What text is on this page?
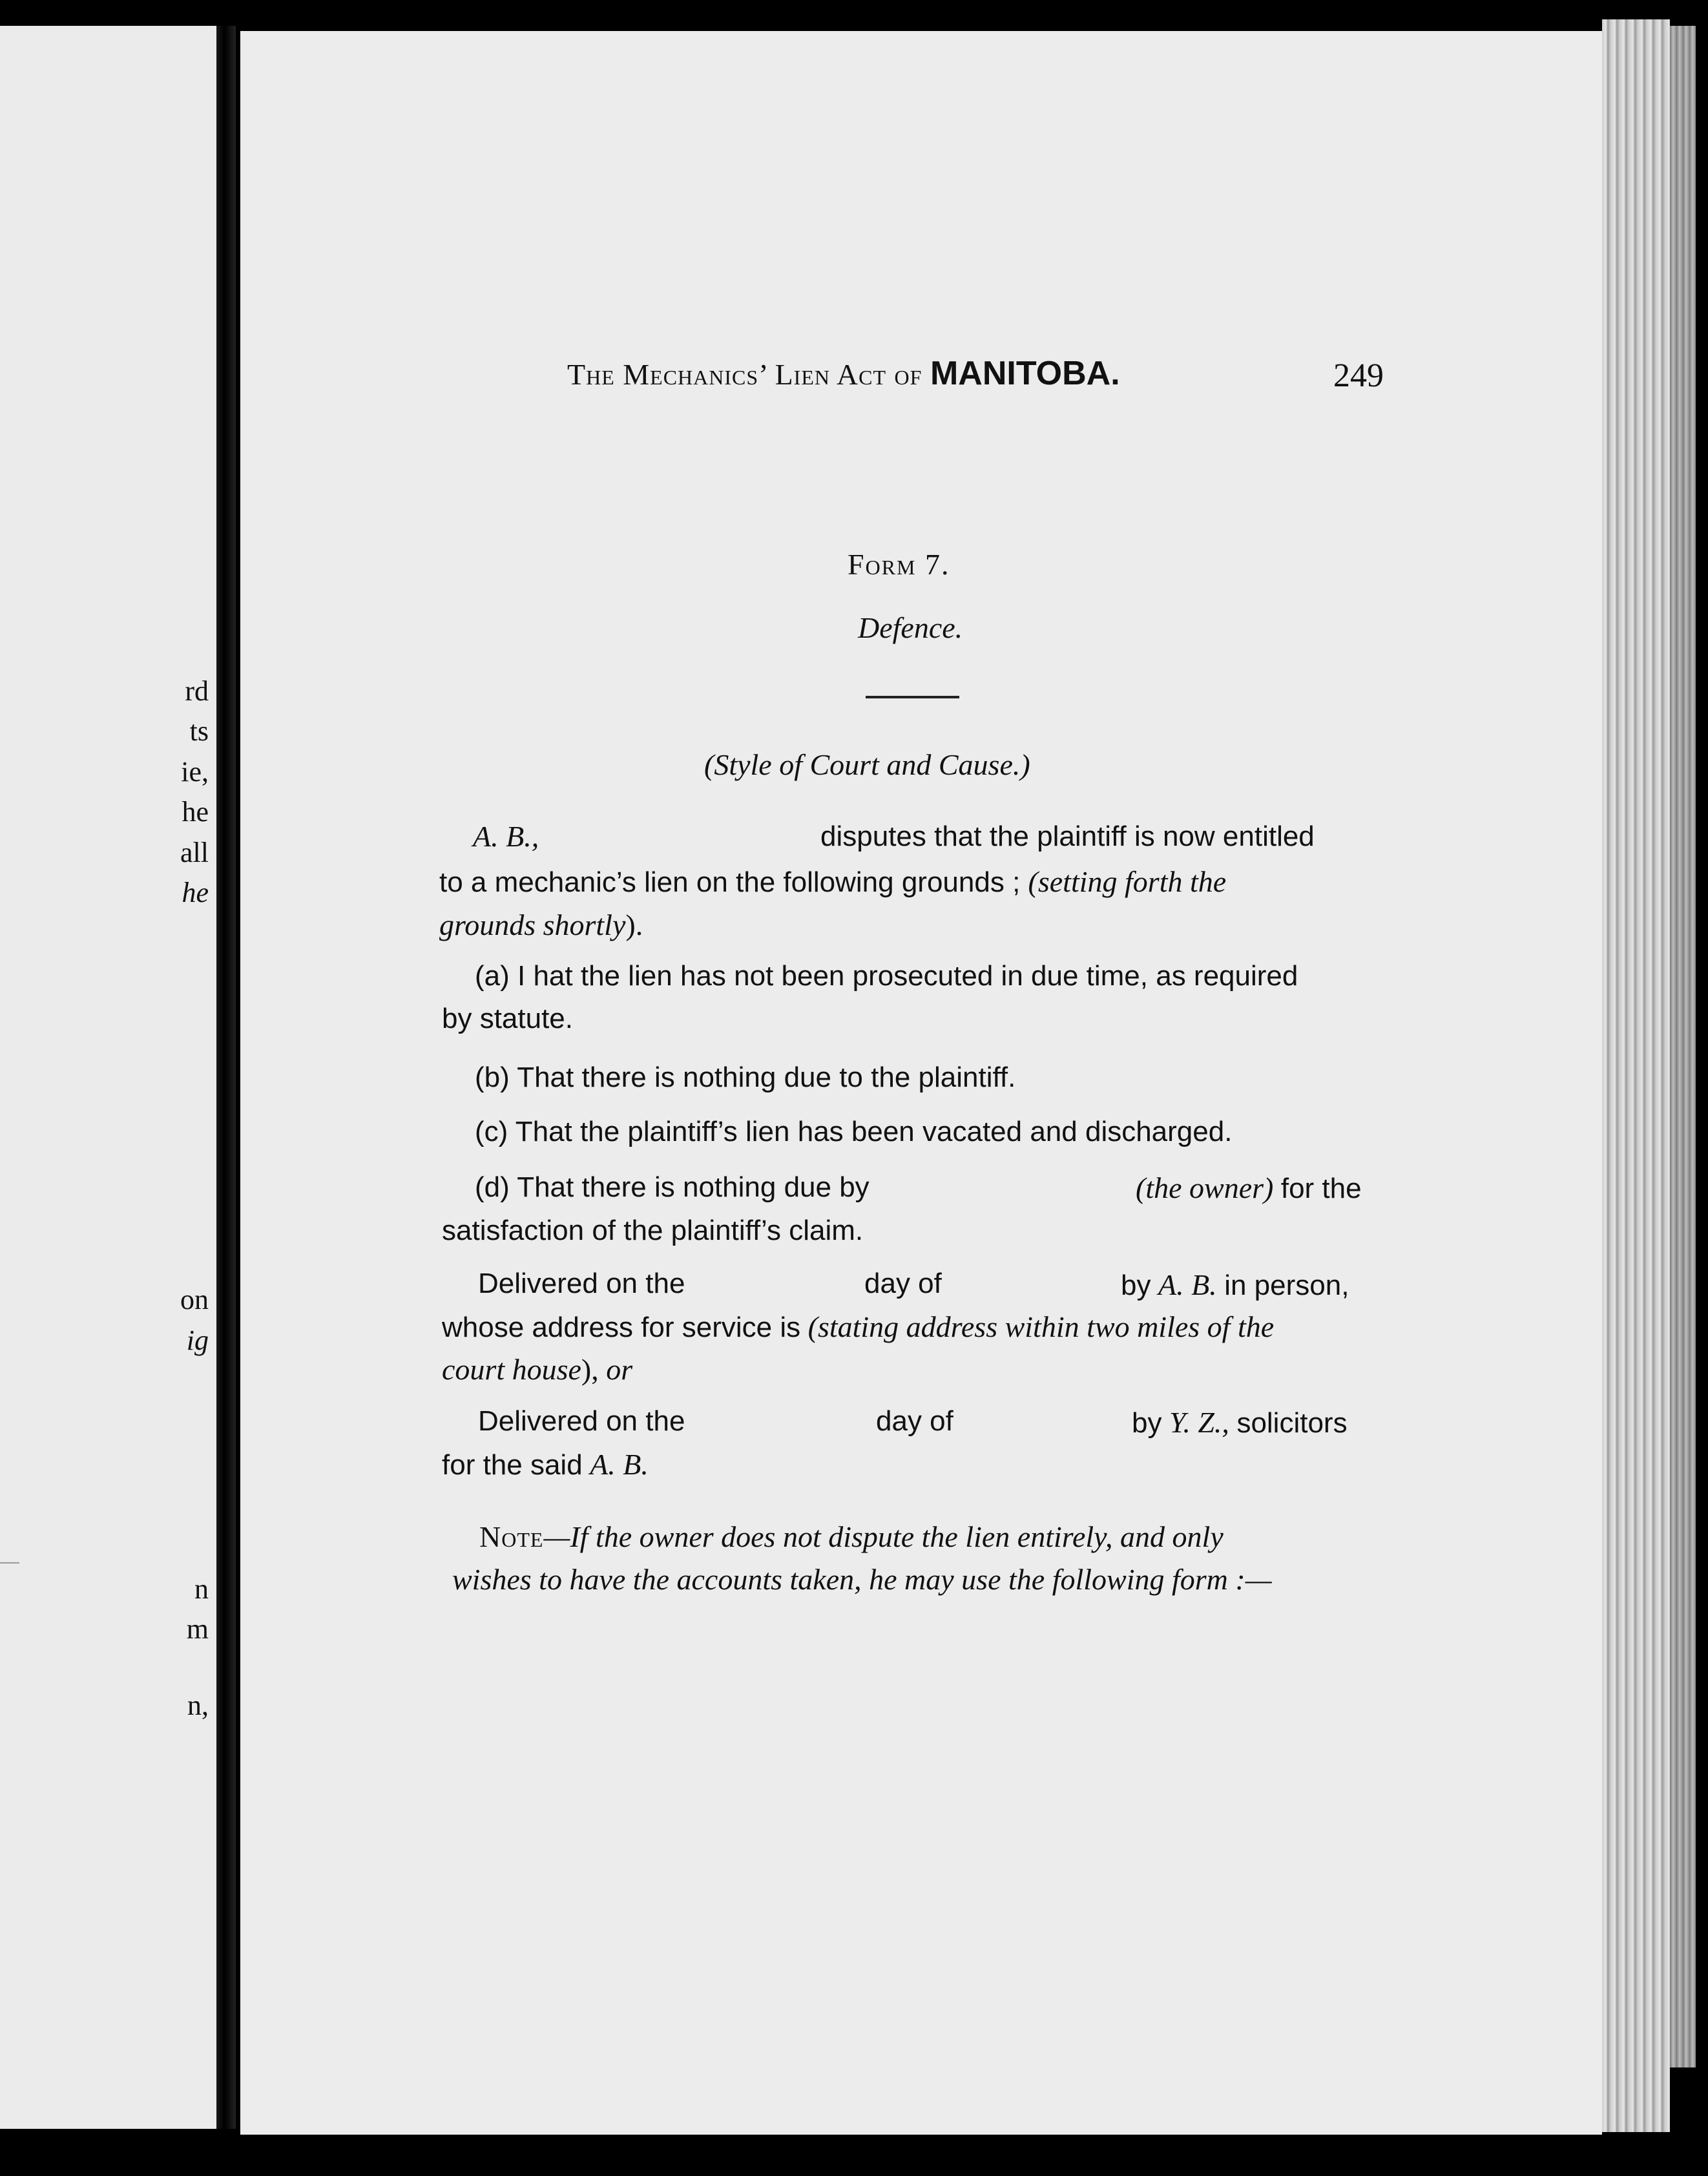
rd
ts
ie,
he
all
he
on
ig
n
m
n,
The Mechanics’ Lien Act of MANITOBA.	249
Form 7.
Defence.
(Style of Court and Cause.)
A. B.,	disputes that the plaintiff is now entitled
to a mechanic’s lien on the following grounds ; (setting forth the
grounds shortly).
(a) I hat the lien has not been prosecuted in due time, as required
by statute.
(b) That there is nothing due to the plaintiff.
(c) That the plaintiff’s lien has been vacated and discharged.
(d) That there is nothing due by	(the owner) for the
satisfaction of the plaintiff’s claim.
Delivered on the	day of	by A. B. in person,
whose address for service is (stating address within two miles of the
court house), or
Delivered on the	day of	by Y. Z., solicitors
for the said A. B.
Note—If the owner does not dispute the lien entirely, and only
wishes to have the accounts taken, he may use the following form :—
